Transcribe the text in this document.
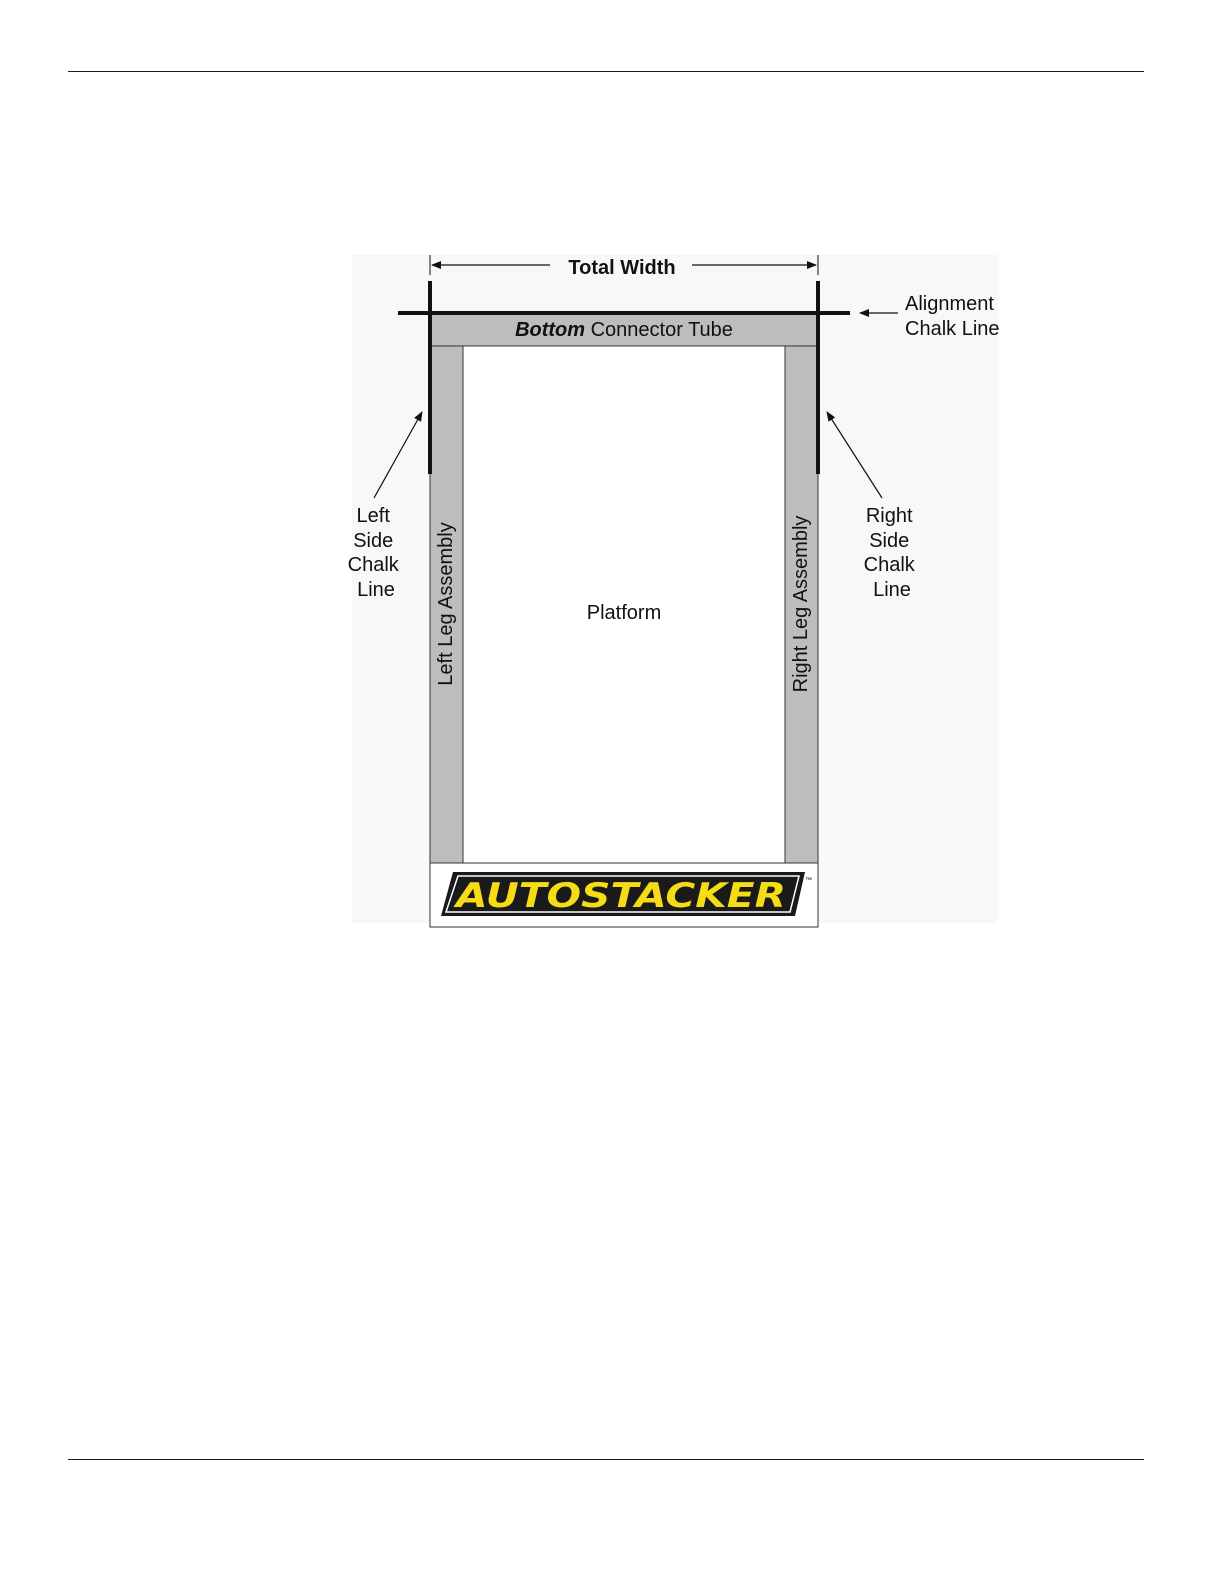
Total Width
Bottom Connector Tube
Platform
Left Leg Assembly	Right Leg Assembly
AUTOSTACKER	™
Alignment Chalk Line
Left Side Chalk Line
Right Side Chalk Line
